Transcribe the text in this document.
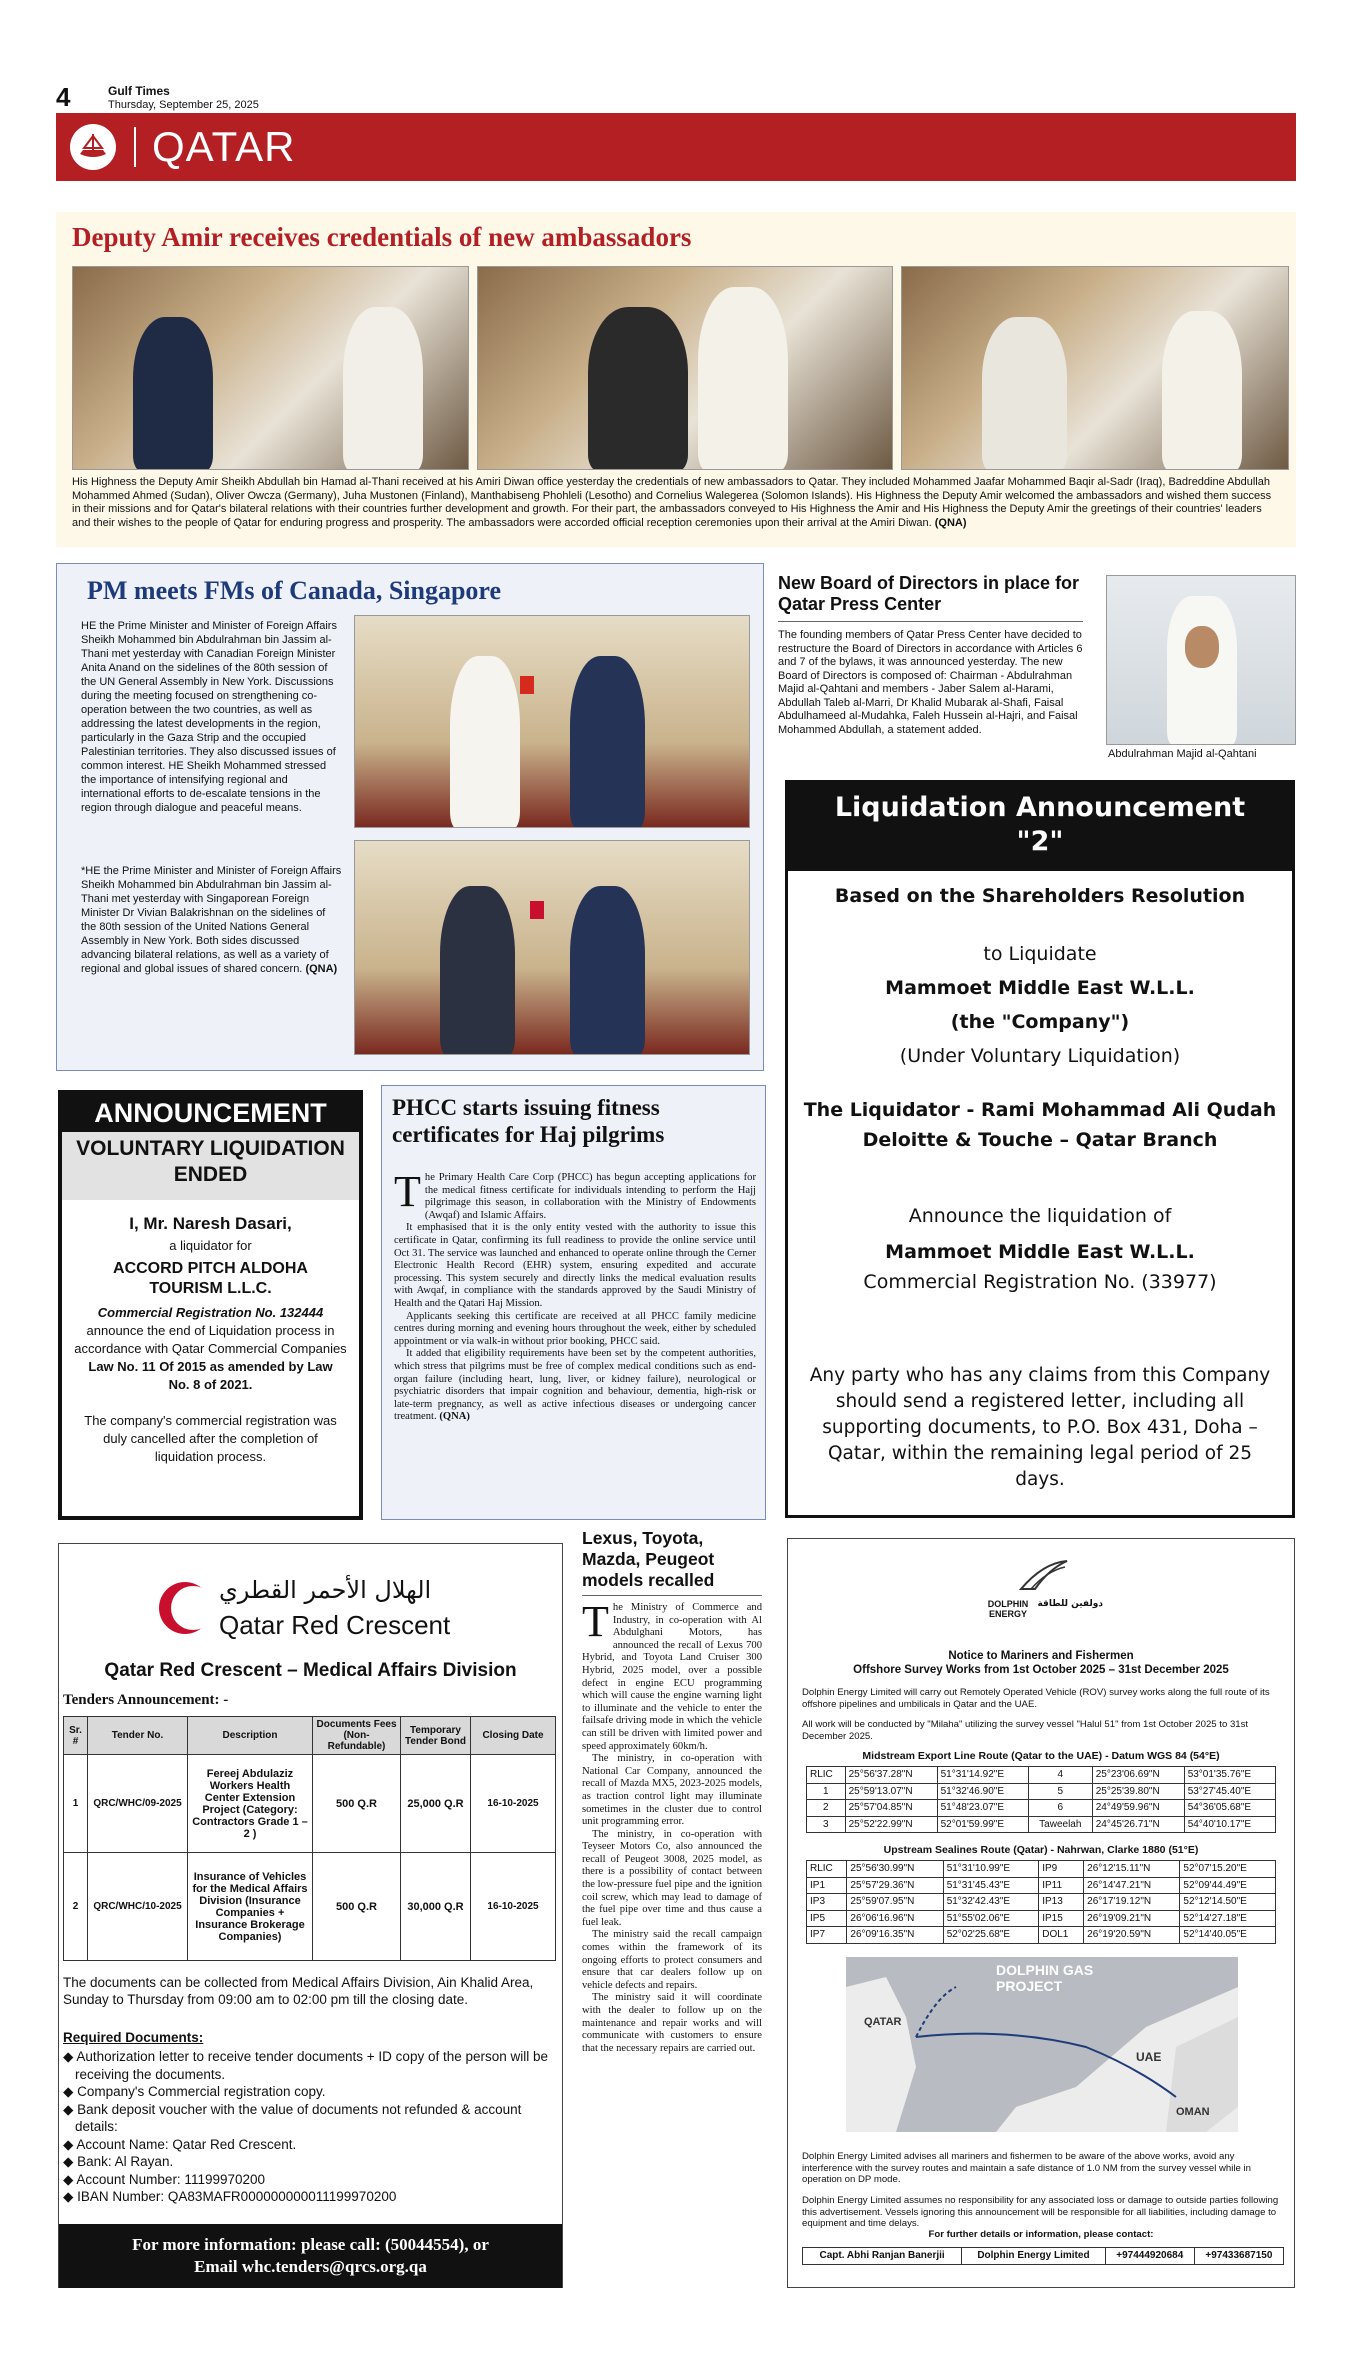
4	Gulf Times
Thursday, September 25, 2025
QATAR
Deputy Amir receives credentials of new ambassadors

His Highness the Deputy Amir Sheikh Abdullah bin Hamad al-Thani received at his Amiri Diwan office yesterday the credentials of new ambassadors to Qatar. They included Mohammed Jaafar Mohammed Baqir al-Sadr (Iraq), Badreddine Abdullah Mohammed Ahmed (Sudan), Oliver Owcza (Germany), Juha Mustonen (Finland), Manthabiseng Phohleli (Lesotho) and Cornelius Walegerea (Solomon Islands). His Highness the Deputy Amir welcomed the ambassadors and wished them success in their missions and for Qatar's bilateral relations with their countries further development and growth. For their part, the ambassadors conveyed to His Highness the Amir and His Highness the Deputy Amir the greetings of their countries' leaders and their wishes to the people of Qatar for enduring progress and prosperity. The ambassadors were accorded official reception ceremonies upon their arrival at the Amiri Diwan. (QNA)

PM meets FMs of Canada, Singapore

HE the Prime Minister and Minister of Foreign Affairs Sheikh Mohammed bin Abdulrahman bin Jassim al-Thani met yesterday with Canadian Foreign Minister Anita Anand on the sidelines of the 80th session of the UN General Assembly in New York. Discussions during the meeting focused on strengthening co-operation between the two countries, as well as addressing the latest developments in the region, particularly in the Gaza Strip and the occupied Palestinian territories. They also discussed issues of common interest. HE Sheikh Mohammed stressed the importance of intensifying regional and international efforts to de-escalate tensions in the region through dialogue and peaceful means.

*HE the Prime Minister and Minister of Foreign Affairs Sheikh Mohammed bin Abdulrahman bin Jassim al-Thani met yesterday with Singaporean Foreign Minister Dr Vivian Balakrishnan on the sidelines of the 80th session of the United Nations General Assembly in New York. Both sides discussed advancing bilateral relations, as well as a variety of regional and global issues of shared concern. (QNA)

New Board of Directors in place for Qatar Press Center

The founding members of Qatar Press Center have decided to restructure the Board of Directors in accordance with Articles 6 and 7 of the bylaws, it was announced yesterday. The new Board of Directors is composed of: Chairman - Abdulrahman Majid al-Qahtani and members - Jaber Salem al-Harami, Abdullah Taleb al-Marri, Dr Khalid Mubarak al-Shafi, Faisal Abdulhameed al-Mudahka, Faleh Hussein al-Hajri, and Faisal Mohammed Abdullah, a statement added.

Abdulrahman Majid al-Qahtani
Liquidation Announcement "2"
Based on the Shareholders Resolution
to Liquidate
Mammoet Middle East W.L.L.
(the "Company")
(Under Voluntary Liquidation)
The Liquidator - Rami Mohammad Ali Qudah
Deloitte & Touche – Qatar Branch
Announce the liquidation of
Mammoet Middle East W.L.L.
Commercial Registration No. (33977)
Any party who has any claims from this Company should send a registered letter, including all supporting documents, to P.O. Box 431, Doha – Qatar, within the remaining legal period of 25 days.
ANNOUNCEMENT
VOLUNTARY LIQUIDATION ENDED
I, Mr. Naresh Dasari,
a liquidator for
ACCORD PITCH ALDOHA TOURISM L.L.C.
Commercial Registration No. 132444
announce the end of Liquidation process in accordance with Qatar Commercial Companies
Law No. 11 Of 2015 as amended by Law No. 8 of 2021.
The company's commercial registration was duly cancelled after the completion of liquidation process.
PHCC starts issuing fitness certificates for Haj pilgrims
T he Primary Health Care Corp (PHCC) has begun accepting applications for the medical fitness certificate for individuals intending to perform the Hajj pilgrimage this season, in collaboration with the Ministry of Endowments (Awqaf) and Islamic Affairs.

It emphasised that it is the only entity vested with the authority to issue this certificate in Qatar, confirming its full readiness to provide the online service until Oct 31. The service was launched and enhanced to operate online through the Cerner Electronic Health Record (EHR) system, ensuring expedited and accurate processing. This system securely and directly links the medical evaluation results with Awqaf, in compliance with the standards approved by the Saudi Ministry of Health and the Qatari Haj Mission.

Applicants seeking this certificate are received at all PHCC family medicine centres during morning and evening hours throughout the week, either by scheduled appointment or via walk-in without prior booking, PHCC said.

It added that eligibility requirements have been set by the competent authorities, which stress that pilgrims must be free of complex medical conditions such as end-organ failure (including heart, lung, liver, or kidney failure), neurological or psychiatric disorders that impair cognition and behaviour, dementia, high-risk or late-term pregnancy, as well as active infectious diseases or undergoing cancer treatment. (QNA)

الهلال الأحمر القطري
Qatar Red Crescent
Qatar Red Crescent – Medical Affairs Division
Tenders Announcement: -
Sr. #	Tender No.	Description	Documents Fees (Non-Refundable)	Temporary Tender Bond	Closing Date
1	QRC/WHC/09-2025	Fereej Abdulaziz Workers Health Center Extension Project (Category: Contractors Grade 1 – 2 )	500 Q.R	25,000 Q.R	16-10-2025
2	QRC/WHC/10-2025	Insurance of Vehicles for the Medical Affairs Division (Insurance Companies + Insurance Brokerage Companies)	500 Q.R	30,000 Q.R	16-10-2025
The documents can be collected from Medical Affairs Division, Ain Khalid Area, Sunday to Thursday from 09:00 am to 02:00 pm till the closing date.
Required Documents:
◆ Authorization letter to receive tender documents + ID copy of the person will be receiving the documents.
◆ Company's Commercial registration copy.
◆ Bank deposit voucher with the value of documents not refunded & account details:
◆ Account Name: Qatar Red Crescent.
◆ Bank: Al Rayan.
◆ Account Number: 11199970200
◆ IBAN Number: QA83MAFR000000000011199970200
For more information: please call: (50044554), or
Email whc.tenders@qrcs.org.qa
Lexus, Toyota, Mazda, Peugeot models recalled
T he Ministry of Commerce and Industry, in co-operation with Al Abdulghani Motors, has announced the recall of Lexus 700 Hybrid, and Toyota Land Cruiser 300 Hybrid, 2025 model, over a possible defect in engine ECU programming which will cause the engine warning light to illuminate and the vehicle to enter the failsafe driving mode in which the vehicle can still be driven with limited power and speed approximately 60km/h.

The ministry, in co-operation with National Car Company, announced the recall of Mazda MX5, 2023-2025 models, as traction control light may illuminate sometimes in the cluster due to control unit programming error.

The ministry, in co-operation with Teyseer Motors Co, also announced the recall of Peugeot 3008, 2025 model, as there is a possibility of contact between the low-pressure fuel pipe and the ignition coil screw, which may lead to damage of the fuel pipe over time and thus cause a fuel leak.

The ministry said the recall campaign comes within the framework of its ongoing efforts to protect consumers and ensure that car dealers follow up on vehicle defects and repairs.

The ministry said it will coordinate with the dealer to follow up on the maintenance and repair works and will communicate with customers to ensure that the necessary repairs are carried out.

DOLPHIN ENERGY
دولفين للطاقة
Notice to Mariners and Fishermen
Offshore Survey Works from 1st October 2025 – 31st December 2025
Dolphin Energy Limited will carry out Remotely Operated Vehicle (ROV) survey works along the full route of its offshore pipelines and umbilicals in Qatar and the UAE.
All work will be conducted by "Milaha" utilizing the survey vessel "Halul 51" from 1st October 2025 to 31st December 2025.
Midstream Export Line Route (Qatar to the UAE) - Datum WGS 84 (54°E)
RLIC	25°56'37.28"N	51°31'14.92"E	4	25°23'06.69"N	53°01'35.76"E
1	25°59'13.07"N	51°32'46.90"E	5	25°25'39.80"N	53°27'45.40"E
2	25°57'04.85"N	51°48'23.07"E	6	24°49'59.96"N	54°36'05.68"E
3	25°52'22.99"N	52°01'59.99"E	Taweelah	24°45'26.71"N	54°40'10.17"E
Upstream Sealines Route (Qatar) - Nahrwan, Clarke 1880 (51°E)
RLIC	25°56'30.99"N	51°31'10.99"E	IP9	26°12'15.11"N	52°07'15.20"E
IP1	25°57'29.36"N	51°31'45.43"E	IP11	26°14'47.21"N	52°09'44.49"E
IP3	25°59'07.95"N	51°32'42.43"E	IP13	26°17'19.12"N	52°12'14.50"E
IP5	26°06'16.96"N	51°55'02.06"E	IP15	26°19'09.21"N	52°14'27.18"E
IP7	26°09'16.35"N	52°02'25.68"E	DOL1	26°19'20.59"N	52°14'40.05"E
DOLPHIN GAS
PROJECT
QATAR
UAE
OMAN
Dolphin Energy Limited advises all mariners and fishermen to be aware of the above works, avoid any interference with the survey routes and maintain a safe distance of 1.0 NM from the survey vessel while in operation on DP mode.
Dolphin Energy Limited assumes no responsibility for any associated loss or damage to outside parties following this advertisement. Vessels ignoring this announcement will be responsible for all liabilities, including damage to equipment and time delays.
For further details or information, please contact:
Capt. Abhi Ranjan Banerjii	Dolphin Energy Limited	+97444920684	+97433687150
